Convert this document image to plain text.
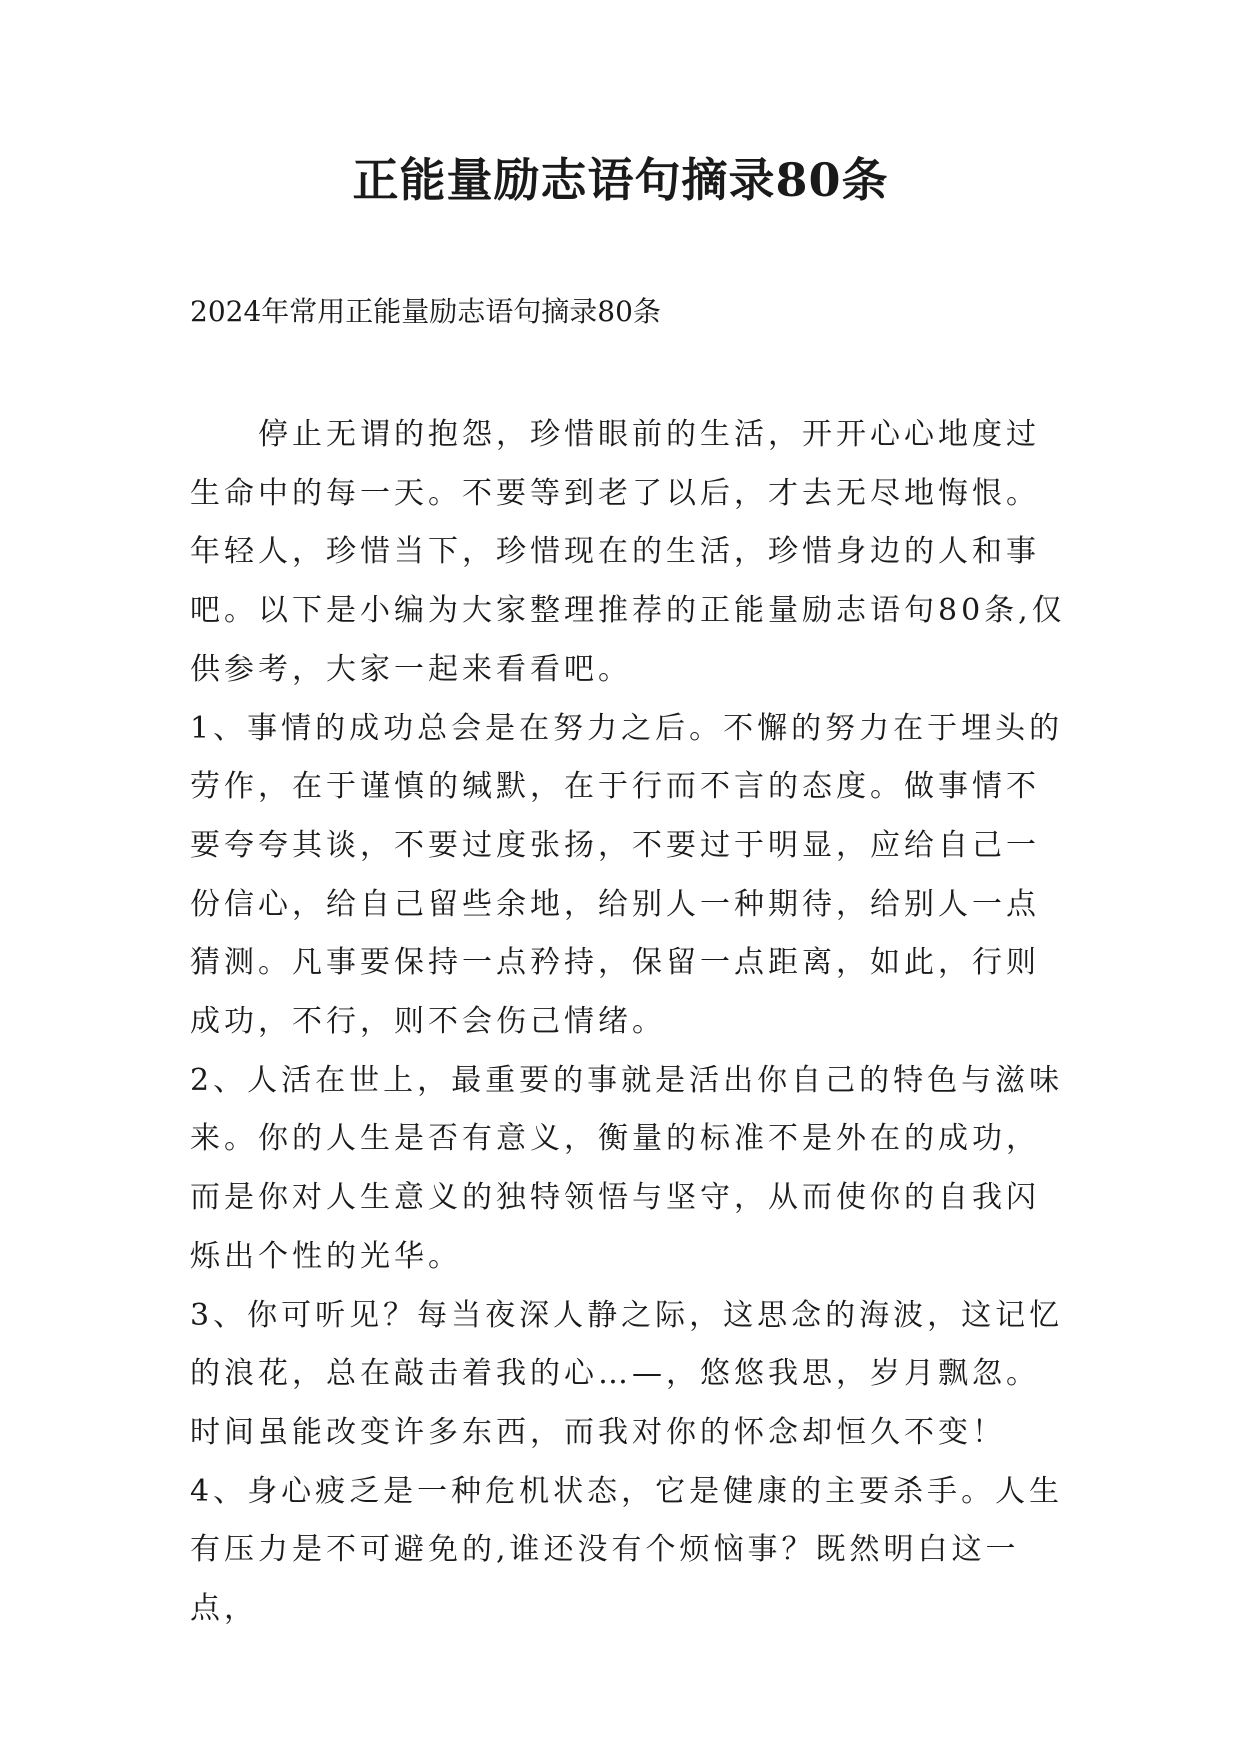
正能量励志语句摘录80条

2024年常用正能量励志语句摘录80条

停止无谓的抱怨，珍惜眼前的生活，开开心心地度过生命中的每一天。不要等到老了以后，才去无尽地悔恨。年轻人，珍惜当下，珍惜现在的生活，珍惜身边的人和事吧。以下是小编为大家整理推荐的正能量励志语句80条,仅供参考，大家一起来看看吧。

1、事情的成功总会是在努力之后。不懈的努力在于埋头的劳作，在于谨慎的缄默，在于行而不言的态度。做事情不要夸夸其谈，不要过度张扬，不要过于明显，应给自己一份信心，给自己留些余地，给别人一种期待，给别人一点猜测。凡事要保持一点矜持，保留一点距离，如此，行则成功，不行，则不会伤己情绪。

2、人活在世上，最重要的事就是活出你自己的特色与滋味来。你的人生是否有意义，衡量的标准不是外在的成功，而是你对人生意义的独特领悟与坚守，从而使你的自我闪烁出个性的光华。

3、你可听见？每当夜深人静之际，这思念的海波，这记忆的浪花，总在敲击着我的心…—，悠悠我思，岁月飘忽。时间虽能改变许多东西，而我对你的怀念却恒久不变！

4、身心疲乏是一种危机状态，它是健康的主要杀手。人生有压力是不可避免的,谁还没有个烦恼事？既然明白这一点，
